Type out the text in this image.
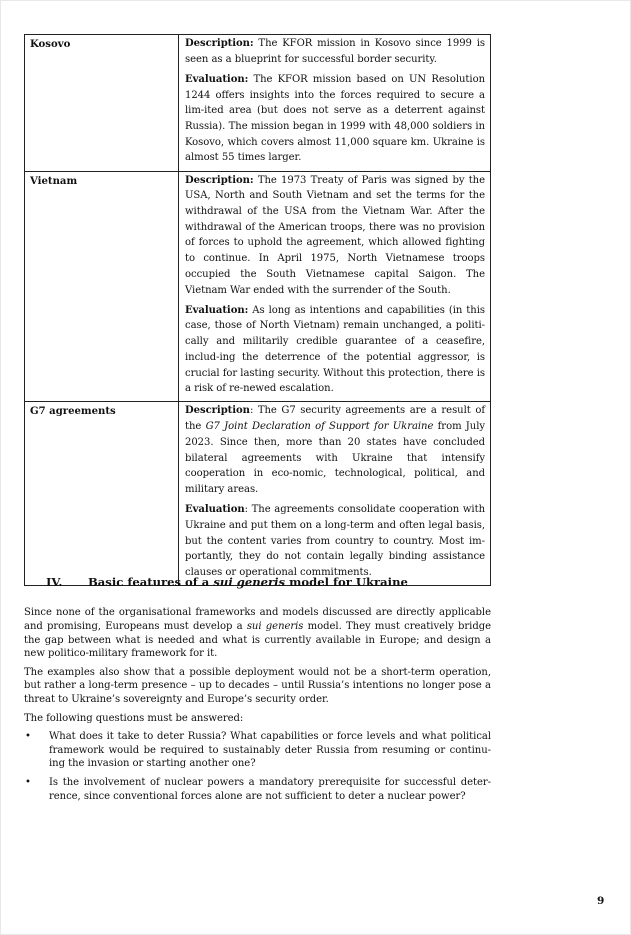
Kosovo	Description: The KFOR mission in Kosovo since 1999 is seen as a blueprint for successful border security.

Evaluation: The KFOR mission based on UN Resolution 1244 offers insights into the forces required to secure a lim-ited area (but does not serve as a deterrent against Russia). The mission began in 1999 with 48,000 soldiers in Kosovo, which covers almost 11,000 square km. Ukraine is almost 55 times larger.

Vietnam	Description: The 1973 Treaty of Paris was signed by the USA, North and South Vietnam and set the terms for the withdrawal of the USA from the Vietnam War. After the withdrawal of the American troops, there was no provision of forces to uphold the agreement, which allowed fighting to continue. In April 1975, North Vietnamese troops occupied the South Vietnamese capital Saigon. The Vietnam War ended with the surrender of the South.

Evaluation: As long as intentions and capabilities (in this case, those of North Vietnam) remain unchanged, a politi-cally and militarily credible guarantee of a ceasefire, includ-ing the deterrence of the potential aggressor, is crucial for lasting security. Without this protection, there is a risk of re-newed escalation.

G7 agreements	Description: The G7 security agreements are a result of the G7 Joint Declaration of Support for Ukraine from July 2023. Since then, more than 20 states have concluded bilateral agreements with Ukraine that intensify cooperation in eco-nomic, technological, political, and military areas.

Evaluation: The agreements consolidate cooperation with Ukraine and put them on a long-term and often legal basis, but the content varies from country to country. Most im-portantly, they do not contain legally binding assistance clauses or operational commitments.

IV. Basic features of a sui generis model for Ukraine

Since none of the organisational frameworks and models discussed are directly applicable and promising, Europeans must develop a sui generis model. They must creatively bridge the gap between what is needed and what is currently available in Europe; and design a new politico-military framework for it.

The examples also show that a possible deployment would not be a short-term operation, but rather a long-term presence – up to decades – until Russia’s intentions no longer pose a threat to Ukraine’s sovereignty and Europe’s security order.

The following questions must be answered:

• What does it take to deter Russia? What capabilities or force levels and what political framework would be required to sustainably deter Russia from resuming or continu-ing the invasion or starting another one?
• Is the involvement of nuclear powers a mandatory prerequisite for successful deter-rence, since conventional forces alone are not sufficient to deter a nuclear power?
9
